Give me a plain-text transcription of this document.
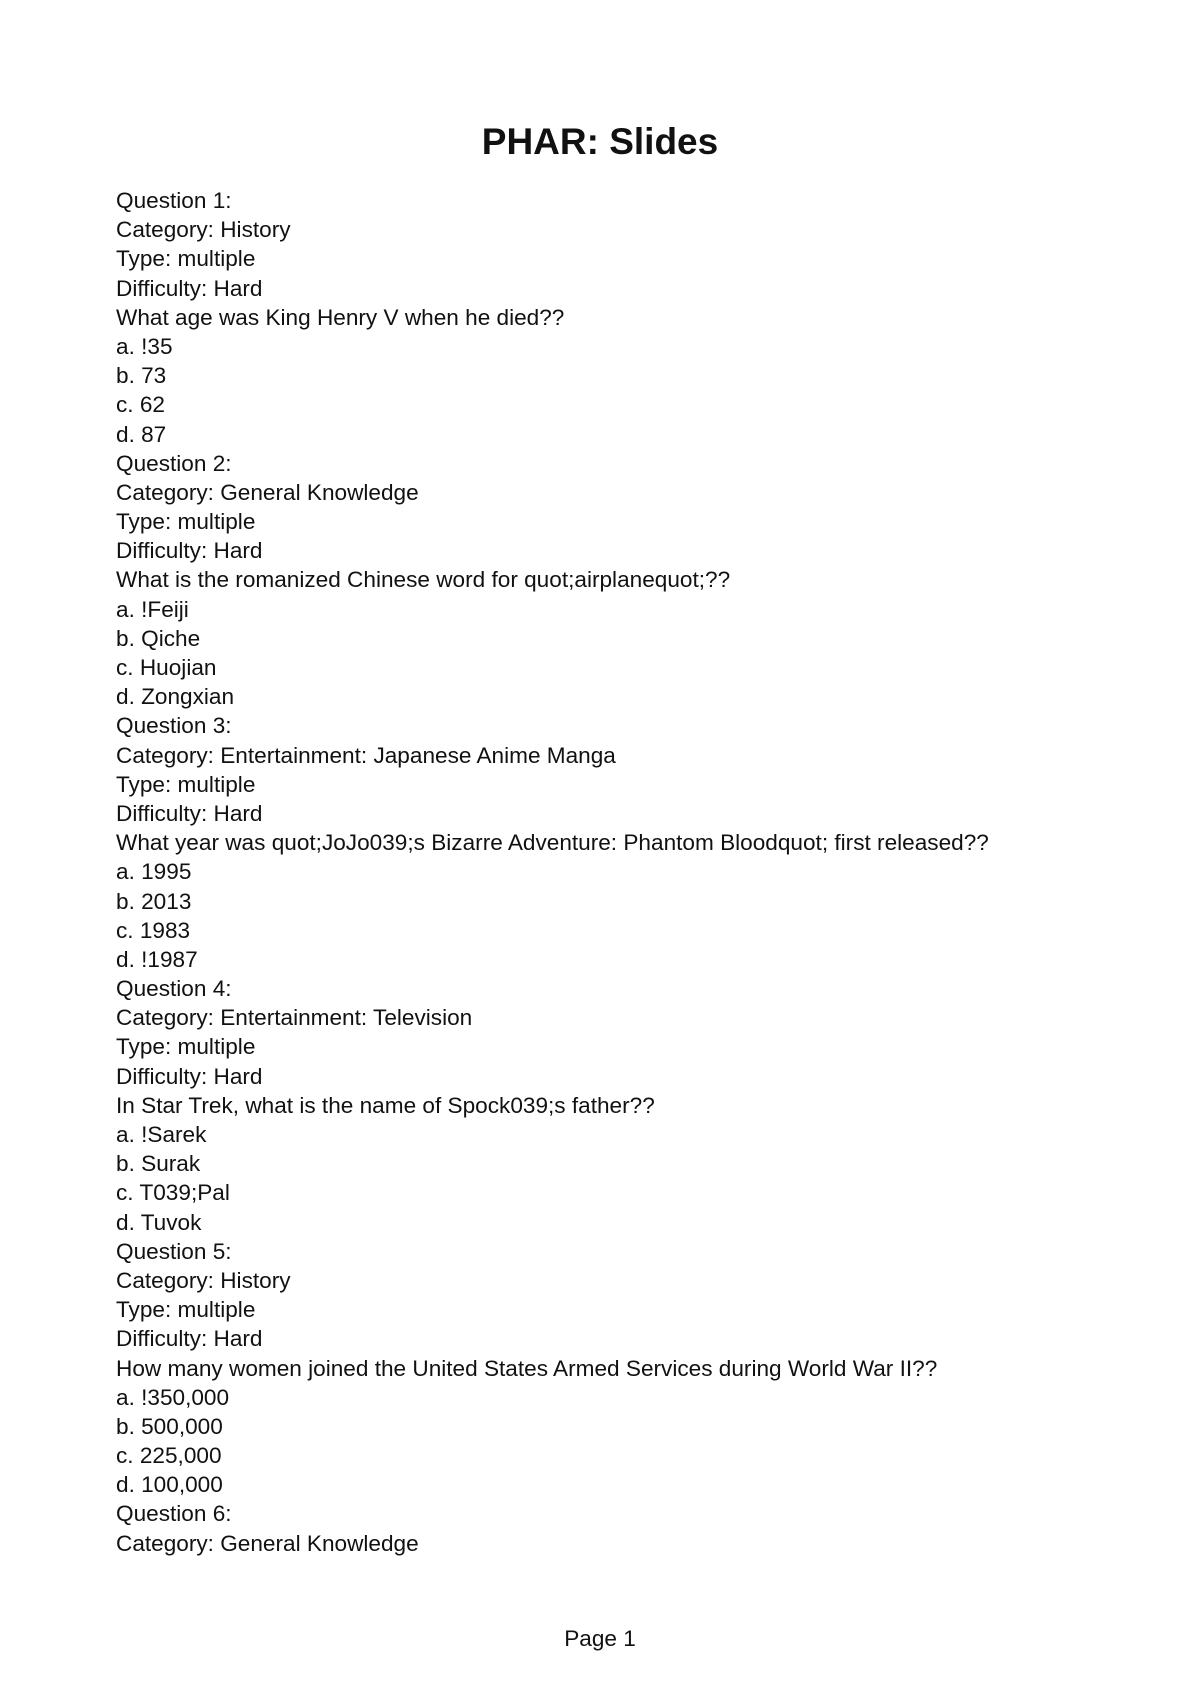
PHAR: Slides
Question 1:
Category: History
Type: multiple
Difficulty: Hard
What age was King Henry V when he died??
a. !35
b. 73
c. 62
d. 87
Question 2:
Category: General Knowledge
Type: multiple
Difficulty: Hard
What is the romanized Chinese word for quot;airplanequot;??
a. !Feiji
b. Qiche
c. Huojian
d. Zongxian
Question 3:
Category: Entertainment: Japanese Anime Manga
Type: multiple
Difficulty: Hard
What year was quot;JoJo039;s Bizarre Adventure: Phantom Bloodquot; first released??
a. 1995
b. 2013
c. 1983
d. !1987
Question 4:
Category: Entertainment: Television
Type: multiple
Difficulty: Hard
In Star Trek, what is the name of Spock039;s father??
a. !Sarek
b. Surak
c. T039;Pal
d. Tuvok
Question 5:
Category: History
Type: multiple
Difficulty: Hard
How many women joined the United States Armed Services during World War II??
a. !350,000
b. 500,000
c. 225,000
d. 100,000
Question 6:
Category: General Knowledge
Page 1
